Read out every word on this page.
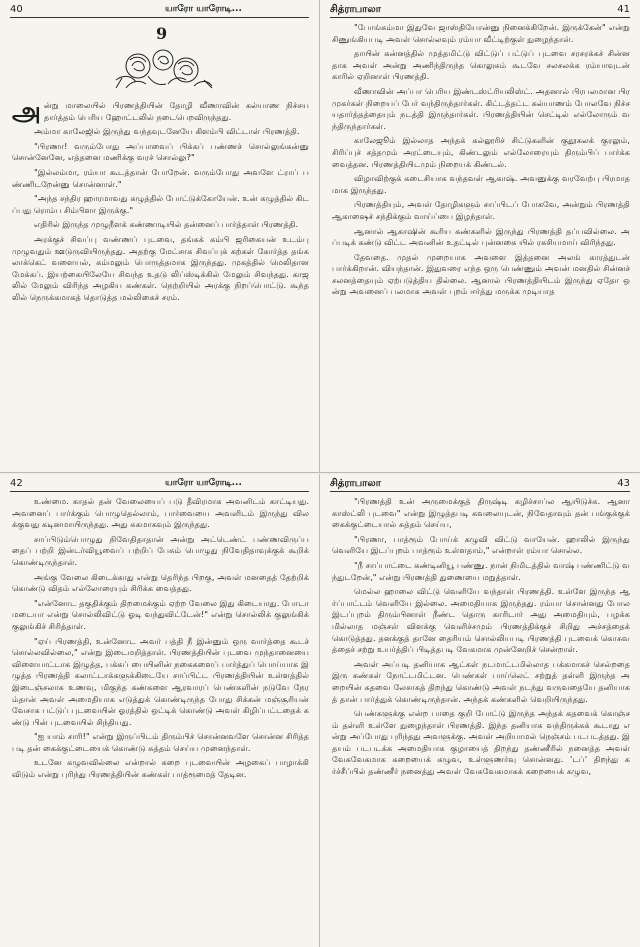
40	யாரோ யாரோடி...
9

அன்று மாலையில் பிரணத்தியின் தோழி வீணாவின் கல்யாண நிச்சயதார்த்தம் பெரிய ஹோட்டலில் நடைபெறவிருந்தது.

அம்மா காலேஜில் இருந்து வந்தவுடனேயே கிளம்பி விட்டாள் பிரணத்தி.

"பிரணா! வரும்போது அப்பாவைப் பிக்கப் பண்ணச் சொல்லுங்கன்னு சொன்னேனே, எத்தனை மணிக்கு வரச் சொல்லு?"

"இல்லம்மா, ரம்யா கூடத்தான் போறேன். வரும்போது அவளே ட்ராப் பண்ணிடறேன்னு சொன்னாள்."

"அந்த சந்திர ஹாரமாவது கழுத்தில் போட்டுக்கோயேன். உன் கழுத்தில் கிடப்பது ரொம்ப சிம்பிளா இருக்கு."

எதிரில் இருந்த முழுநீளக் கண்ணாடியில் தன்னைப் பார்த்தாள் பிரணத்தி.

அரக்குச் சிவப்பு வண்ணப் புடவை, தங்கக் கம்பி ஜரிகையன் உடம்பு முழுவதும் ஊடுருவியிருந்தது. அதற்கு மேட்சாக சிவப்புக் கற்கள் கோர்த்த தங்க லாக்கெட் வளையல், கம்மலும் பொருத்தமாக இருந்தது. முகத்தில் மெலிதான மேக்கப். இயற்கையிலேயே சிவந்த உதடு லிப்ஸ்டிக்கில் மேலும் சிவந்தது. காஜலில் மேலும் விரிந்த அழகிய கண்கள். நெற்றியில் அரக்கு நிறப்பொட்டு. கூந்தலில் நெருக்கமாகத் தொடுத்த மல்லிகைச் சரம்.

சித்ராபாலா	41

"போங்கம்மா இதுவே ஜாஸ்தியோன்னு நினைக்கிறேன். இருக்கேன்" என்று சிணுங்கியபடி அவள் சொல்லவும் ரம்யா வீட்டிற்குள் நுழைந்தாள்.

தாயின் கன்னத்தில் முத்தமிட்டு விட்டுப் பட்டுப் புடவை சரசரக்கச் சின்னதாக அவள் அன்று அணிந்திருந்த கொலுசும் கூடவே சலசலக்க ரம்யாவுடன் காரில் ஏறினாள் பிரணத்தி.

வீணாவின் அப்பா பெரிய இண்டஸ்ட்ரியலிஸ்ட். அதனால் பிரபலமான பிரமுகர்கள் நிறையப் பேர் வந்திருந்தார்கள். கிட்டத்தட்ட கல்யாணம் போலவே நிச்சயதார்த்தத்தையும் நடத்தி இருந்தார்கள். பிரணத்தியின் செட்டில் எல்லோரும் வந்திருந்தார்கள்.

காலேஜூம் இல்லாத அந்தக் கல்லூரிச் சிட்டுகளின் குதூகலக் குரலும், சிரிப்புச் சத்தமும் அரட்டையும், கிண்டலும் எல்லோரையும் திரும்பிப் பார்க்க வைத்தன. பிரணத்தியிடமும் நிறையக் கிண்டல்.

விழாவிற்குக் கடைசியாக வந்தவள் ஆகாஷ். அவனுக்கு வரவேற்பு பிரமாதமாக இருந்தது.

பிரணத்தியும், அவள் தோழிகளும் சாப்பிடப் போகவே, அன்றும் பிரணத்தி ஆகாஷைச் சந்திக்கும் வாய்ப்பை இழந்தாள்.

ஆனால் ஆகாஷின் கூரிய கண்களில் இருந்து பிரணத்தி தப்பவில்லை. அப்படிக் கண்டு விட்ட அவனின் உதட்டில் புன்னகை யில் ரகசியமாய் விரிந்தது.

தேவதை. முதல் முறையாக அவளை இத்தனை அலங் காரத்துடன் பார்க்கிறான். வியந்தான். இதுவரை எந்த ஒரு பெண்ணும் அவன் மனதில் சின்னச் சலனத்தையும் ஏற்படுத்திய தில்லை. ஆனால் பிரணத்தியிடம் இருந்து ஏதோ ஒன்று அவனைப் பலமாக அவள் புறம் ஈர்த்து மருக்க முடியாத

42	யாரோ யாரோடி...

உண்மை. காதல் தன் வேலையைப் படு தீவிரமாக அவனிடம் காட்டியது. அவனைப் பார்க்கும் பொழுதெல்லாம், பார்வையை அவளிடம் இருந்து விலக்குவது கடினமாயிருந்தது. அது சுகமாகவும் இருந்தது.

சாப்பிடும்பொழுது நிவேதிதாதான் அன்று அட்டெண்ட் பண்ணவிருப்பதைப் பற்றி இன்டர்வியூவைப் பற்றிப் பேசும் பொழுது நிவேதிதாவுக்குக் கூறிக் கொண்டிருந்தாள்.

அங்கு வேலை கிடைக்காது என்று தெரிந்த பிறகு, அவள் மனதைத் தேற்றிக் கொண்டு விதம் எல்லோரையும் சிரிக்க வைத்தது.

"என்னோட தகுதிக்கும் திறமைக்கும் ஏற்ற வேலை இது கிடையாது. போடா மடையா என்று சொல்லிவிட்டு ஓடி வந்துவிட்டேன்!" என்று சொல்லிக் குலுங்கிக் குலுங்கிச் சிரித்தாள்.

"ஏய் பிரணத்தி, உன்னோட அவர் பத்தி நீ இன்னும் ஒரு வார்த்தை கூடச் சொல்லவில்லை," என்று இடைமறித்தாள். பிரணத்தியின் புடவை முந்தானையை விளையாட்டாக இழுத்த, பக்கப் பையினின் நகைகளைப் பார்த்துப் பொய்யாக இழுத்த பிரணத்தி கலாட்டாக்களுக்கிடையே சாப்பிட்ட பிரணத்தியின் உள்ளத்தில் இடைஞ்சலாக உணவு, மிகுந்த கண்களை ஆரவாரப் பெண்களின் நடுவே நேரம்தான் அவள் அமைதியாக எடுத்துக் கொண்டிருந்த போது சிக்கன் மஞ்சூரியன் வேசாக பட்டுப் புடவையின் ஓரத்தில் ஒட்டிக் கொண்டு அவள் கிழிப்பட்டதைக் கண்டு பின் புடவையில் சிந்தியது.

"ஐ யாம் சாரி!" என்று இருப்பிடம் திரும்பிச் சொன்னவளே சொன்ன சிரித்தபடி தன் கைக்குட்டையைக் கொண்டு சுத்தம் செய்ய முனைந்தாள்.

உடனே கழுவவில்லை என்றால் கறை புடவையின் அழகைப் பாழாக்கி விடும் என்று புரிந்து பிரணத்தியின் கண்கள் பாத்ரூமைத் தேடின.

சித்ராபாலா	43

"பிரணத்தி உன் அருமைக்குத் திருஷ்டி கழிச்சாப்ல ஆயிடுச்சு. ஆனா காஸ்ட்லி புடவை" என்று இழுத்தபடி கவலையுடன், நிவேதாவும் தன் பங்குக்குக் கைக்குட்டையால் சுத்தம் செய்ய,

"பிரணா, பாத்ரூம் போய்க் கழுவி விட்டு வாயேன். ஹாலில் இருந்து வெளியே இடப்புறம் பாத்ரூம் உள்ளதாம்," என்றாள் ரம்யா சொல்ல.

"நீ சாப்பாட்டை கண்டினியூ பண்ணு. நான் நிமிடத்தில் வாஷ் பண்ணிட்டு வந்துடறேன்," என்று பிரணத்தி துணையை மறுத்தாள்.

மெல்ல ஹாலை விட்டு வெளியே வந்தாள் பிரணத்தி. உள்ளே இருந்த ஆர்ப்பாட்டம் வெளியே இல்லை. அமைதியாக இருந்தது. ரம்யா சொன்னது போல இடப்புறம் திரும்பினாள் நீண்ட தொரு காரிடார் அது அமைதியும், பழக்கமில்லாத மஞ்சள் விளக்கு வெளிச்சமும் பிரணத்திக்குச் சிறிது அச்சத்தைக் கொடுத்தது. தனக்குத் தானே தைரியம் சொல்லியபடி பிரணத்தி புடவைக் கொசுவத்தைச் சற்று உயர்த்திப் பிடித்தபடி வேகமாக முன்னேறிச் சென்றாள்.

அவள் அப்படி தனியாக ஆட்கள் நடமாட்டமில்லாத பக்கமாகச் செல்றதை இரு கண்கள் நோட்டமிட்டன. பெண்கள் பாய்லெட் சற்றுத் தள்ளி இருந்த அறையின் கதவை லேசாகத் திறந்து கொண்டு அவள் நடந்து வருவதையே தனியாகத் தான் பார்த்துக் கொண்டிருந்தான். அந்தக் கண்களில் வெறியிருந்தது.

பெண்களுக்கு என்ற பாதை குறி போட்டு இருந்த அந்தக் கதவைக் கொஞ்சம் தள்ளி உள்ளே நுழைந்தாள் பிரணத்தி. இந்த தனியாக வந்திருக்கக் கூடாது என்று அப்போது புரிந்தது அவளுக்கு. அவள் அறியாமல் நெஞ்சம் படபடத்தது. இதயம் படபடக்க அமைதியாக குழாயைத் திறந்து தண்ணீரில் நனைத்த அவள் வேகவேகமாக கறையைக் கழுவ, உள்ளுணர்வு சொன்னது. 'டப்' திறந்து கர்ச்சீப்பில் தண்ணீர் நனைத்து அவள் வேகவேகமாகக் கறையைக் கழுவ,
